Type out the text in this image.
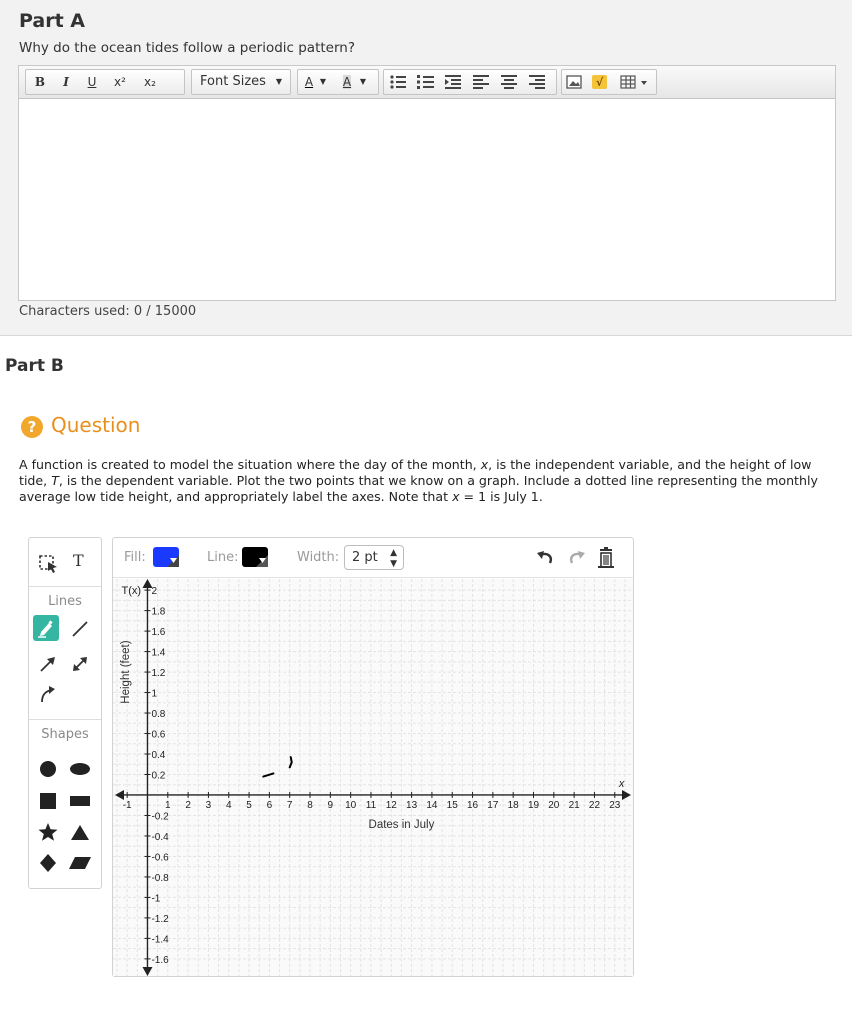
Part A
Why do the ocean tides follow a periodic pattern?
B	I	U	x²	x₂	Font Sizes	▼	A ▼	A	▼	√
Characters used: 0 / 15000
Part B
? Question
A function is created to model the situation where the day of the month, x, is the independent variable, and the height of low tide, T, is the dependent variable. Plot the two points that we know on a graph. Include a dotted line representing the monthly average low tide height, and appropriately label the axes. Note that x = 1 is July 1.
T
Lines
Shapes
Fill:	Line:	Width: 2 pt ▲
▼
-1	1 2 3 4 5 6 7 8 9 10 11 12 13 14 15 16 17 18 19 20 21 22 23
2
1.8
1.6
1.4
1.2
1
0.8
0.6
0.4
0.2
-0.2
-0.4
-0.6
-0.8
-1
-1.2
-1.4
-1.6
T(x)
x
Height (feet)
Dates in July
